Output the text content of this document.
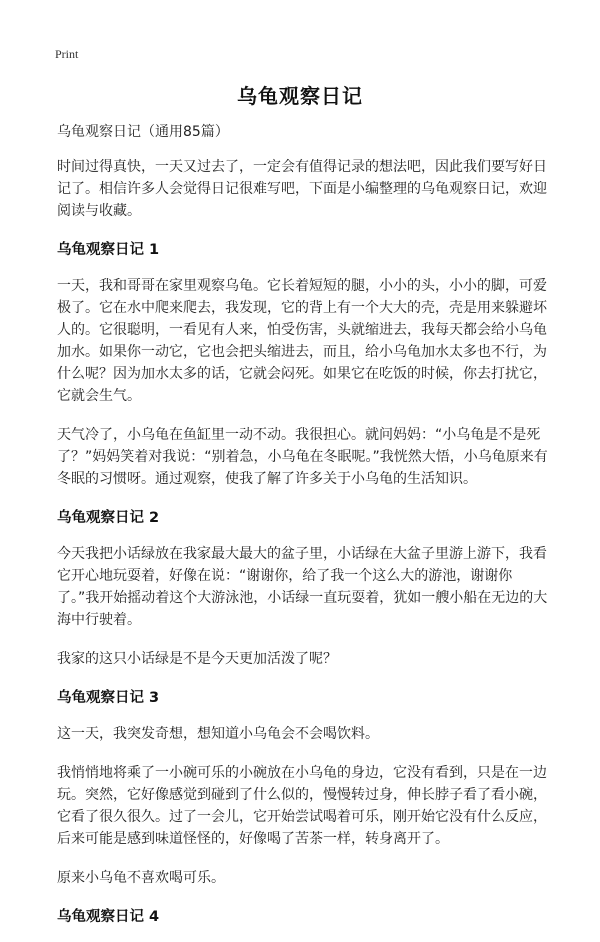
Print
乌龟观察日记

乌龟观察日记（通用85篇）

时间过得真快，一天又过去了，一定会有值得记录的想法吧，因此我们要写好日记了。相信许多人会觉得日记很难写吧，下面是小编整理的乌龟观察日记，欢迎阅读与收藏。

乌龟观察日记 1

一天，我和哥哥在家里观察乌龟。它长着短短的腿，小小的头，小小的脚，可爱极了。它在水中爬来爬去，我发现，它的背上有一个大大的壳，壳是用来躲避坏人的。它很聪明，一看见有人来，怕受伤害，头就缩进去，我每天都会给小乌龟加水。如果你一动它，它也会把头缩进去，而且，给小乌龟加水太多也不行，为什么呢？因为加水太多的话，它就会闷死。如果它在吃饭的时候，你去打扰它，它就会生气。

天气冷了，小乌龟在鱼缸里一动不动。我很担心。就问妈妈：“小乌龟是不是死了？”妈妈笑着对我说：“别着急，小乌龟在冬眠呢。”我恍然大悟，小乌龟原来有冬眠的习惯呀。通过观察，使我了解了许多关于小乌龟的生活知识。

乌龟观察日记 2

今天我把小话绿放在我家最大最大的盆子里，小话绿在大盆子里游上游下，我看它开心地玩耍着，好像在说：“谢谢你，给了我一个这么大的游池，谢谢你了。”我开始摇动着这个大游泳池，小话绿一直玩耍着，犹如一艘小船在无边的大海中行驶着。

我家的这只小话绿是不是今天更加活泼了呢？

乌龟观察日记 3

这一天，我突发奇想，想知道小乌龟会不会喝饮料。

我悄悄地将乘了一小碗可乐的小碗放在小乌龟的身边，它没有看到，只是在一边玩。突然，它好像感觉到碰到了什么似的，慢慢转过身，伸长脖子看了看小碗，它看了很久很久。过了一会儿，它开始尝试喝着可乐，刚开始它没有什么反应，后来可能是感到味道怪怪的，好像喝了苦茶一样，转身离开了。

原来小乌龟不喜欢喝可乐。

乌龟观察日记 4
